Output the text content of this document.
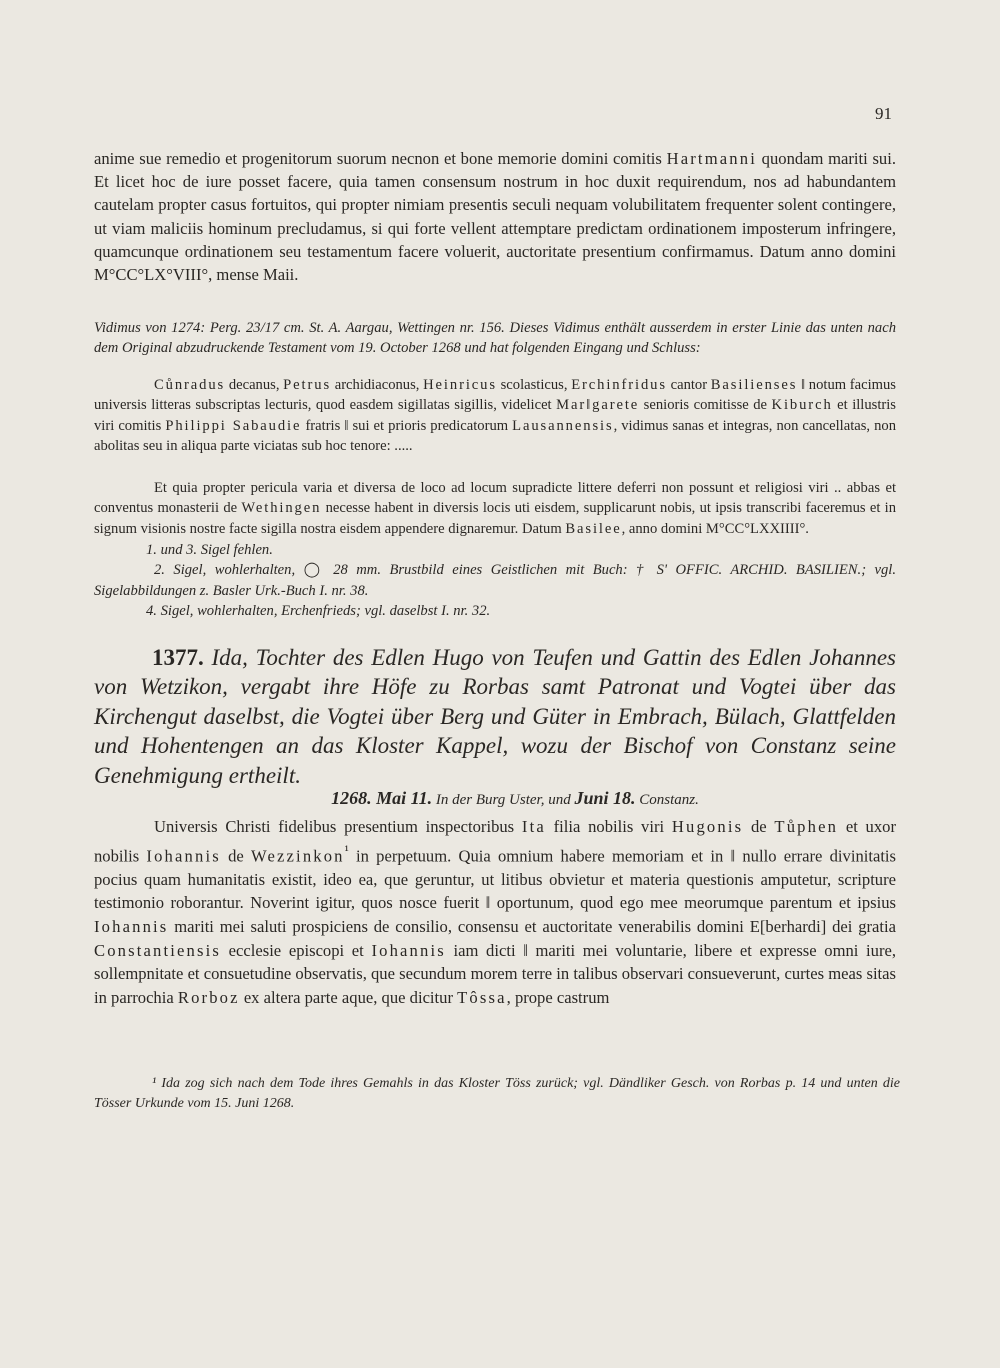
91

anime sue remedio et progenitorum suorum necnon et bone memorie domini comitis Hartmanni quondam mariti sui. Et licet hoc de iure posset facere, quia tamen consensum nostrum in hoc duxit requirendum, nos ad habundantem cautelam propter casus fortuitos, qui propter nimiam presentis seculi nequam volubilitatem frequenter solent contingere, ut viam maliciis hominum precludamus, si qui forte vellent attemptare predictam ordinationem imposterum infringere, quamcunque ordinationem seu testamentum facere voluerit, auctoritate presentium confirmamus. Datum anno domini M°CC°LX°VIII°, mense Maii.

Vidimus von 1274: Perg. 23/17 cm. St. A. Aargau, Wettingen nr. 156. Dieses Vidimus enthält ausserdem in erster Linie das unten nach dem Original abzudruckende Testament vom 19. October 1268 und hat folgenden Eingang und Schluss:

Cůnradus decanus, Petrus archidiaconus, Heinricus scolasticus, Erchinfridus cantor Basilienses ‖ notum facimus universis litteras subscriptas lecturis, quod easdem sigillatas sigillis, videlicet Mar‖garete senioris comitisse de Kiburch et illustris viri comitis Philippi Sabaudie fratris ‖ sui et prioris predicatorum Lausannensis, vidimus sanas et integras, non cancellatas, non abolitas seu in aliqua parte viciatas sub hoc tenore: .....

Et quia propter pericula varia et diversa de loco ad locum supradicte littere deferri non possunt et religiosi viri .. abbas et conventus monasterii de Wethingen necesse habent in diversis locis uti eisdem, supplicarunt nobis, ut ipsis transcribi faceremus et in signum visionis nostre facte sigilla nostra eisdem appendere dignaremur. Datum Basilee, anno domini M°CC°LXXIIII°.

1. und 3. Sigel fehlen.

2. Sigel, wohlerhalten, ◯ 28 mm. Brustbild eines Geistlichen mit Buch: † S' OFFIC. ARCHID. BASILIEN.; vgl. Sigelabbildungen z. Basler Urk.-Buch I. nr. 38.

4. Sigel, wohlerhalten, Erchenfrieds; vgl. daselbst I. nr. 32.

1377. Ida, Tochter des Edlen Hugo von Teufen und Gattin des Edlen Johannes von Wetzikon, vergabt ihre Höfe zu Rorbas samt Patronat und Vogtei über das Kirchengut daselbst, die Vogtei über Berg und Güter in Embrach, Bülach, Glattfelden und Hohentengen an das Kloster Kappel, wozu der Bischof von Constanz seine Genehmigung ertheilt.

1268. Mai 11. In der Burg Uster, und Juni 18. Constanz.

Universis Christi fidelibus presentium inspectoribus Ita filia nobilis viri Hugonis de Tůphen et uxor nobilis Iohannis de Wezzinkon$^{^1}$ in perpetuum. Quia omnium habere memoriam et in ‖ nullo errare divinitatis pocius quam humanitatis existit, ideo ea, que geruntur, ut litibus obvietur et materia questionis amputetur, scripture testimonio roborantur. Noverint igitur, quos nosce fuerit ‖ oportunum, quod ego mee meorumque parentum et ipsius Iohannis mariti mei saluti prospiciens de consilio, consensu et auctoritate venerabilis domini E[berhardi] dei gratia Constantiensis ecclesie episcopi et Iohannis iam dicti ‖ mariti mei voluntarie, libere et expresse omni iure, sollempnitate et consuetudine observatis, que secundum morem terre in talibus observari consueverunt, curtes meas sitas in parrochia Rorboz ex altera parte aque, que dicitur Tôssa, prope castrum

¹ Ida zog sich nach dem Tode ihres Gemahls in das Kloster Töss zurück; vgl. Dändliker Gesch. von Rorbas p. 14 und unten die Tösser Urkunde vom 15. Juni 1268.
